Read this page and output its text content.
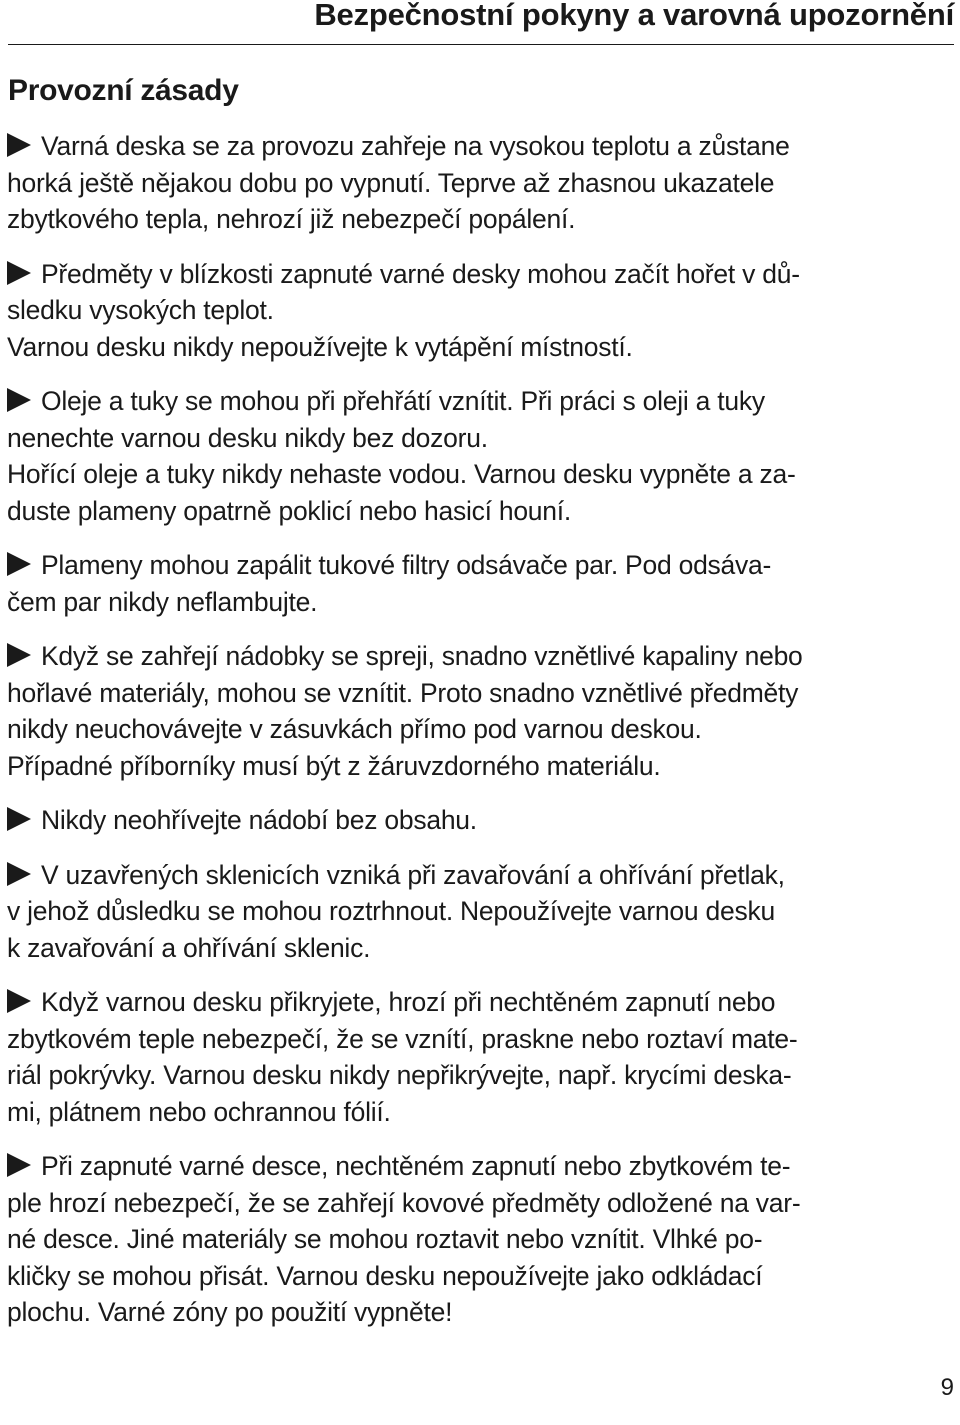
Bezpečnostní pokyny a varovná upozornění
Provozní zásady

Varná deska se za provozu zahřeje na vysokou teplotu a zůstane
horká ještě nějakou dobu po vypnutí. Teprve až zhasnou ukazatele
zbytkového tepla, nehrozí již nebezpečí popálení.

Předměty v blízkosti zapnuté varné desky mohou začít hořet v dů-
sledku vysokých teplot.
Varnou desku nikdy nepoužívejte k vytápění místností.

Oleje a tuky se mohou při přehřátí vznítit. Při práci s oleji a tuky
nenechte varnou desku nikdy bez dozoru.
Hořící oleje a tuky nikdy nehaste vodou. Varnou desku vypněte a za-
duste plameny opatrně poklicí nebo hasicí houní.

Plameny mohou zapálit tukové filtry odsávače par. Pod odsáva-
čem par nikdy neflambujte.

Když se zahřejí nádobky se spreji, snadno vznětlivé kapaliny nebo
hořlavé materiály, mohou se vznítit. Proto snadno vznětlivé předměty
nikdy neuchovávejte v zásuvkách přímo pod varnou deskou.
Případné příborníky musí být z žáruvzdorného materiálu.

Nikdy neohřívejte nádobí bez obsahu.

V uzavřených sklenicích vzniká při zavařování a ohřívání přetlak,
v jehož důsledku se mohou roztrhnout. Nepoužívejte varnou desku
k zavařování a ohřívání sklenic.

Když varnou desku přikryjete, hrozí při nechtěném zapnutí nebo
zbytkovém teple nebezpečí, že se vznítí, praskne nebo roztaví mate-
riál pokrývky. Varnou desku nikdy nepřikrývejte, např. krycími deska-
mi, plátnem nebo ochrannou fólií.

Při zapnuté varné desce, nechtěném zapnutí nebo zbytkovém te-
ple hrozí nebezpečí, že se zahřejí kovové předměty odložené na var-
né desce. Jiné materiály se mohou roztavit nebo vznítit. Vlhké po-
kličky se mohou přisát. Varnou desku nepoužívejte jako odkládací
plochu. Varné zóny po použití vypněte!

9
